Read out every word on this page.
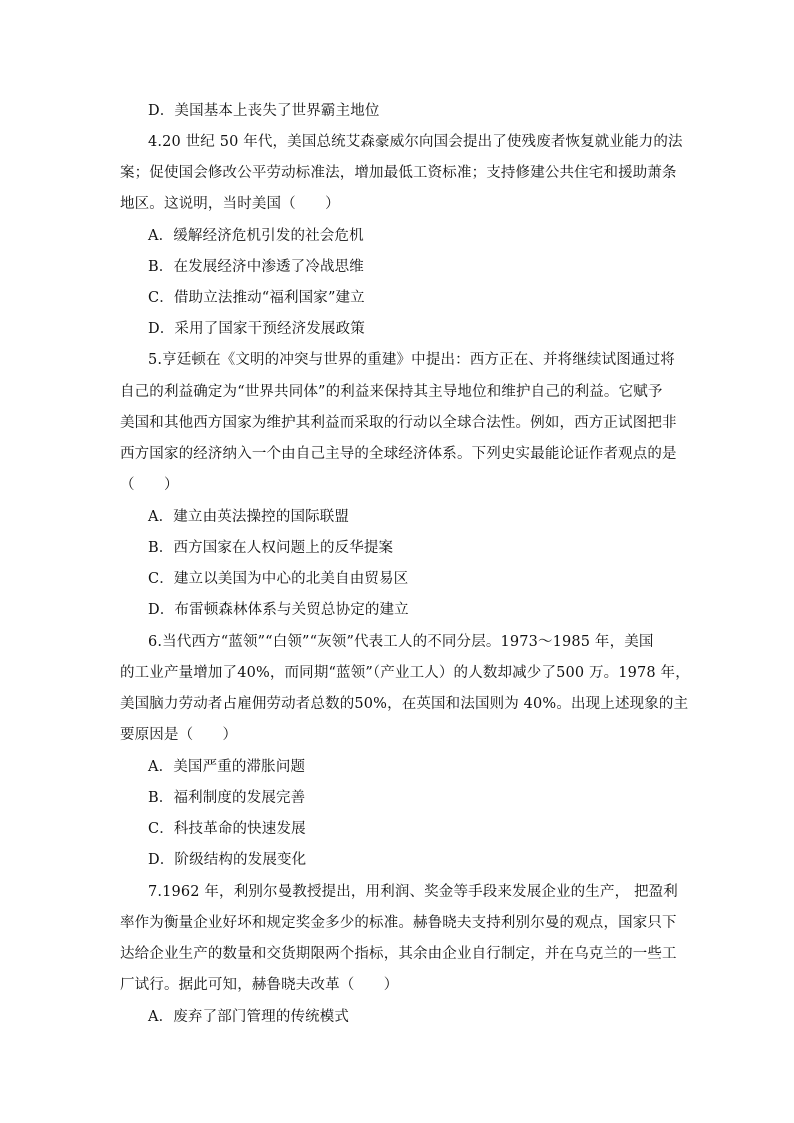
D．美国基本上丧失了世界霸主地位
4.20 世纪 50 年代，美国总统艾森豪威尔向国会提出了使残废者恢复就业能力的法
案；促使国会修改公平劳动标准法，增加最低工资标准；支持修建公共住宅和援助萧条
地区。这说明，当时美国（　　）
A．缓解经济危机引发的社会危机
B．在发展经济中渗透了冷战思维
C．借助立法推动“福利国家”建立
D．采用了国家干预经济发展政策
5.亨廷顿在《文明的冲突与世界的重建》中提出：西方正在、并将继续试图通过将
自己的利益确定为“世界共同体”的利益来保持其主导地位和维护自己的利益。它赋予
美国和其他西方国家为维护其利益而采取的行动以全球合法性。例如，西方正试图把非
西方国家的经济纳入一个由自己主导的全球经济体系。下列史实最能论证作者观点的是
（　　）
A．建立由英法操控的国际联盟
B．西方国家在人权问题上的反华提案
C．建立以美国为中心的北美自由贸易区
D．布雷顿森林体系与关贸总协定的建立
6.当代西方“蓝领”“白领”“灰领”代表工人的不同分层。1973～1985 年，美国
的工业产量增加了40%，而同期“蓝领”（产业工人）的人数却减少了500 万。1978 年，
美国脑力劳动者占雇佣劳动者总数的50%，在英国和法国则为 40%。出现上述现象的主
要原因是（　　）
A．美国严重的滞胀问题
B．福利制度的发展完善
C．科技革命的快速发展
D．阶级结构的发展变化
7.1962 年，利别尔曼教授提出，用利润、奖金等手段来发展企业的生产， 把盈利
率作为衡量企业好坏和规定奖金多少的标准。赫鲁晓夫支持利别尔曼的观点，国家只下
达给企业生产的数量和交货期限两个指标，其余由企业自行制定，并在乌克兰的一些工
厂试行。据此可知，赫鲁晓夫改革（　　）
A．废弃了部门管理的传统模式
